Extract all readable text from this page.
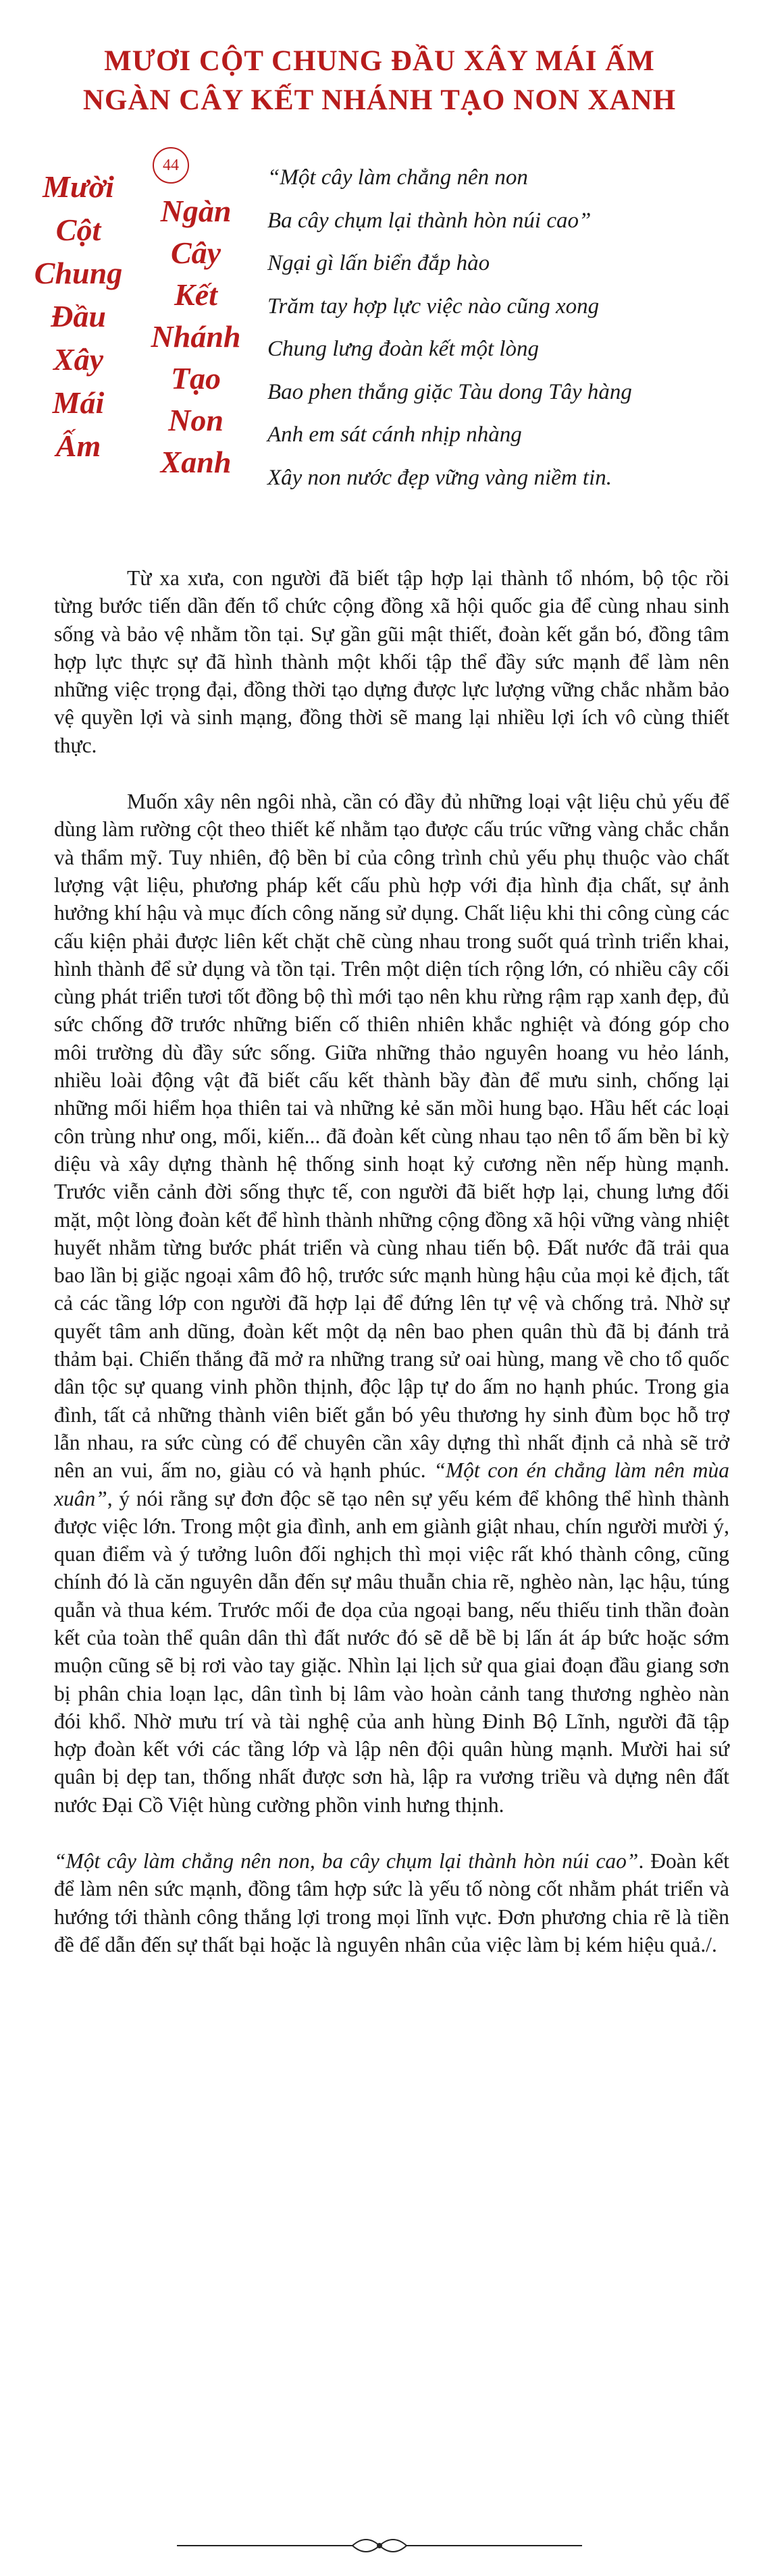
MƯƠI CỘT CHUNG ĐẦU XÂY MÁI ẤM
NGÀN CÂY KẾT NHÁNH TẠO NON XANH
44
Mười
Cột
Chung
Đầu
Xây
Mái
Ấm
Ngàn
Cây
Kết
Nhánh
Tạo
Non
Xanh
“Một cây làm chẳng nên non
Ba cây chụm lại thành hòn núi cao”
Ngại gì lấn biển đắp hào
Trăm tay hợp lực việc nào cũng xong
Chung lưng đoàn kết một lòng
Bao phen thắng giặc Tàu dong Tây hàng
Anh em sát cánh nhịp nhàng
Xây non nước đẹp vững vàng niềm tin.

Từ xa xưa, con người đã biết tập hợp lại thành tổ nhóm, bộ tộc rồi từng bước tiến dần đến tổ chức cộng đồng xã hội quốc gia để cùng nhau sinh sống và bảo vệ nhằm tồn tại. Sự gần gũi mật thiết, đoàn kết gắn bó, đồng tâm hợp lực thực sự đã hình thành một khối tập thể đầy sức mạnh để làm nên những việc trọng đại, đồng thời tạo dựng được lực lượng vững chắc nhằm bảo vệ quyền lợi và sinh mạng, đồng thời sẽ mang lại nhiều lợi ích vô cùng thiết thực.

Muốn xây nên ngôi nhà, cần có đầy đủ những loại vật liệu chủ yếu để dùng làm rường cột theo thiết kế nhằm tạo được cấu trúc vững vàng chắc chắn và thẩm mỹ. Tuy nhiên, độ bền bỉ của công trình chủ yếu phụ thuộc vào chất lượng vật liệu, phương pháp kết cấu phù hợp với địa hình địa chất, sự ảnh hưởng khí hậu và mục đích công năng sử dụng. Chất liệu khi thi công cùng các cấu kiện phải được liên kết chặt chẽ cùng nhau trong suốt quá trình triển khai, hình thành để sử dụng và tồn tại. Trên một diện tích rộng lớn, có nhiều cây cối cùng phát triển tươi tốt đồng bộ thì mới tạo nên khu rừng rậm rạp xanh đẹp, đủ sức chống đỡ trước những biến cố thiên nhiên khắc nghiệt và đóng góp cho môi trường dù đầy sức sống. Giữa những thảo nguyên hoang vu hẻo lánh, nhiều loài động vật đã biết cấu kết thành bầy đàn để mưu sinh, chống lại những mối hiểm họa thiên tai và những kẻ săn mồi hung bạo. Hầu hết các loại côn trùng như ong, mối, kiến... đã đoàn kết cùng nhau tạo nên tổ ấm bền bỉ kỳ diệu và xây dựng thành hệ thống sinh hoạt kỷ cương nền nếp hùng mạnh. Trước viễn cảnh đời sống thực tế, con người đã biết hợp lại, chung lưng đối mặt, một lòng đoàn kết để hình thành những cộng đồng xã hội vững vàng nhiệt huyết nhằm từng bước phát triển và cùng nhau tiến bộ. Đất nước đã trải qua bao lần bị giặc ngoại xâm đô hộ, trước sức mạnh hùng hậu của mọi kẻ địch, tất cả các tầng lớp con người đã hợp lại để đứng lên tự vệ và chống trả. Nhờ sự quyết tâm anh dũng, đoàn kết một dạ nên bao phen quân thù đã bị đánh trả thảm bại. Chiến thắng đã mở ra những trang sử oai hùng, mang về cho tổ quốc dân tộc sự quang vinh phồn thịnh, độc lập tự do ấm no hạnh phúc. Trong gia đình, tất cả những thành viên biết gắn bó yêu thương hy sinh đùm bọc hỗ trợ lẫn nhau, ra sức cùng có để chuyên cần xây dựng thì nhất định cả nhà sẽ trở nên an vui, ấm no, giàu có và hạnh phúc. “Một con én chẳng làm nên mùa xuân”, ý nói rằng sự đơn độc sẽ tạo nên sự yếu kém để không thể hình thành được việc lớn. Trong một gia đình, anh em giành giật nhau, chín người mười ý, quan điểm và ý tưởng luôn đối nghịch thì mọi việc rất khó thành công, cũng chính đó là căn nguyên dẫn đến sự mâu thuẫn chia rẽ, nghèo nàn, lạc hậu, túng quẫn và thua kém. Trước mối đe dọa của ngoại bang, nếu thiếu tinh thần đoàn kết của toàn thể quân dân thì đất nước đó sẽ dễ bề bị lấn át áp bức hoặc sớm muộn cũng sẽ bị rơi vào tay giặc. Nhìn lại lịch sử qua giai đoạn đầu giang sơn bị phân chia loạn lạc, dân tình bị lâm vào hoàn cảnh tang thương nghèo nàn đói khổ. Nhờ mưu trí và tài nghệ của anh hùng Đinh Bộ Lĩnh, người đã tập hợp đoàn kết với các tầng lớp và lập nên đội quân hùng mạnh. Mười hai sứ quân bị dẹp tan, thống nhất được sơn hà, lập ra vương triều và dựng nên đất nước Đại Cồ Việt hùng cường phồn vinh hưng thịnh.

“Một cây làm chẳng nên non, ba cây chụm lại thành hòn núi cao”. Đoàn kết để làm nên sức mạnh, đồng tâm hợp sức là yếu tố nòng cốt nhằm phát triển và hướng tới thành công thắng lợi trong mọi lĩnh vực. Đơn phương chia rẽ là tiền đề để dẫn đến sự thất bại hoặc là nguyên nhân của việc làm bị kém hiệu quả./.
